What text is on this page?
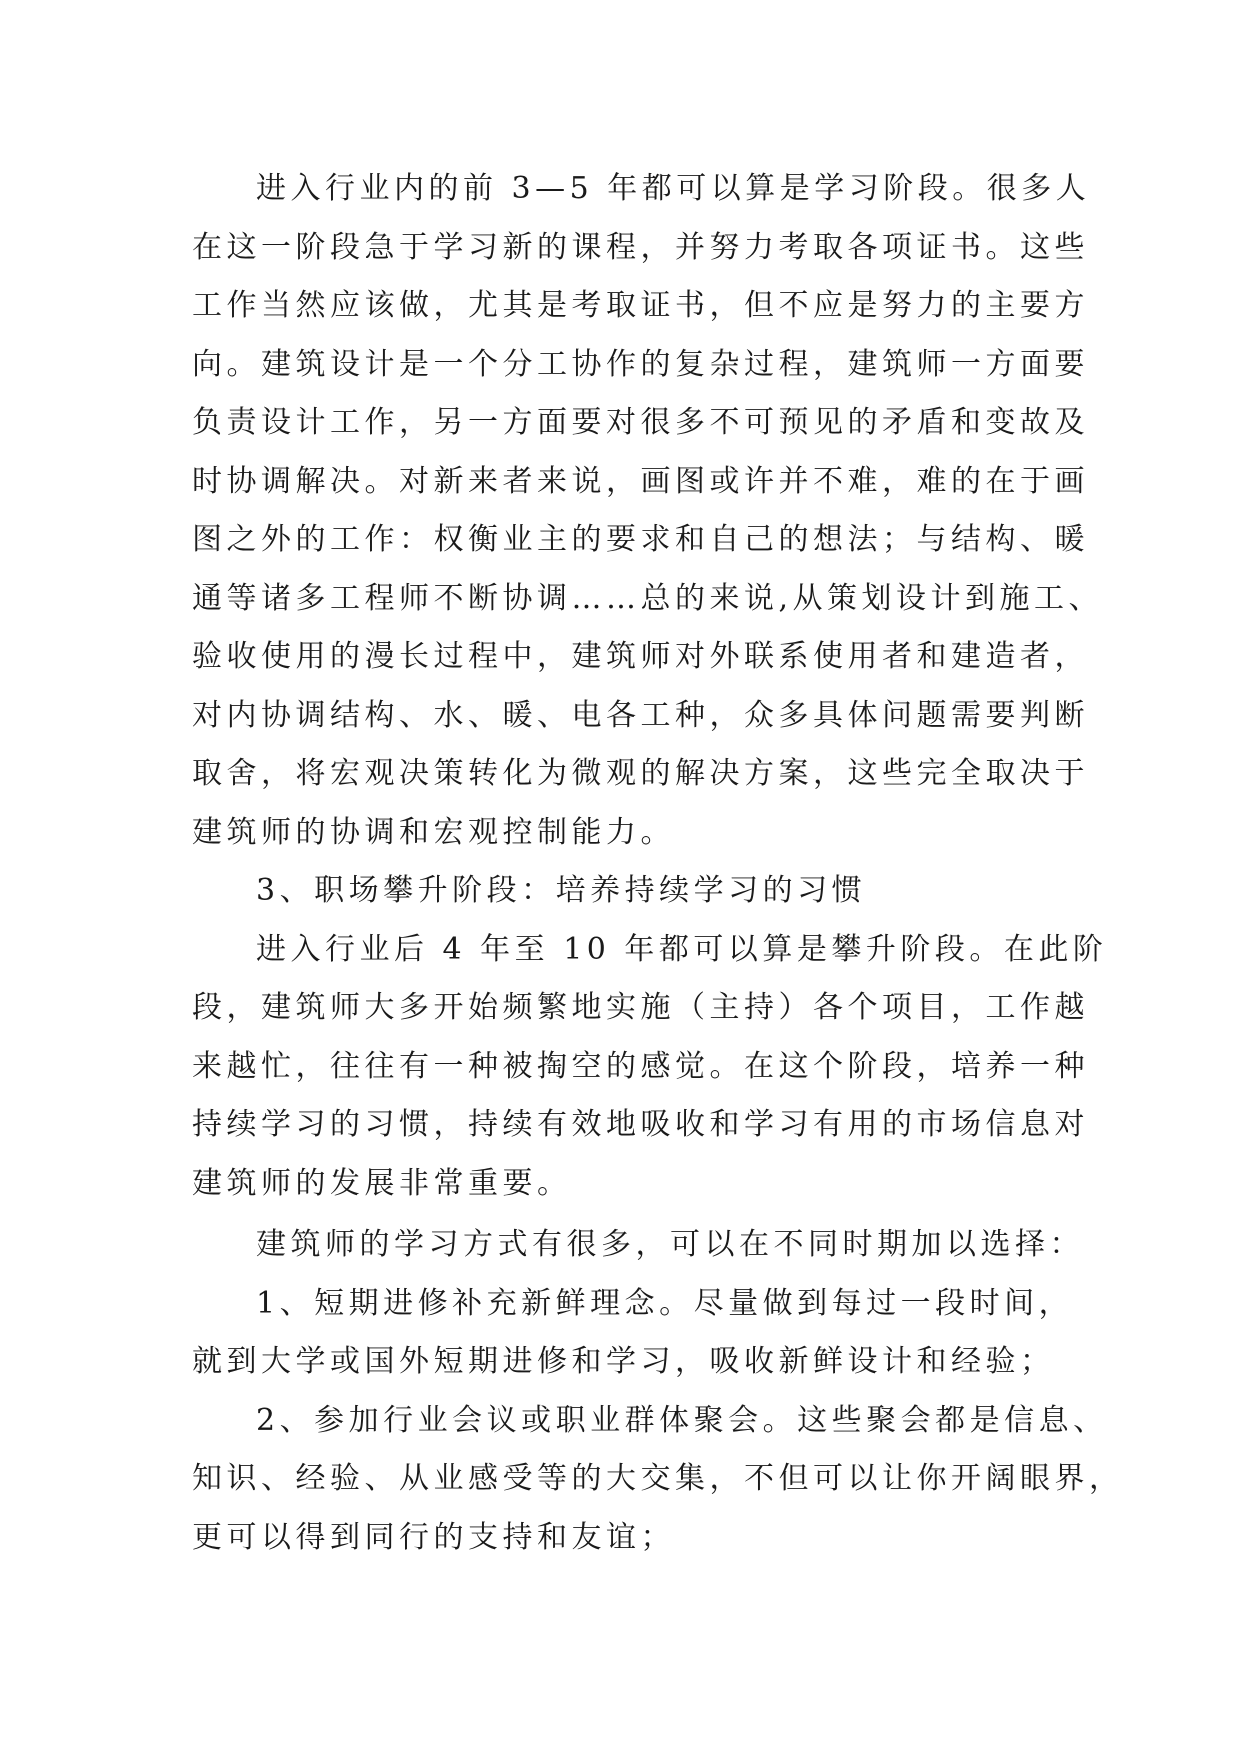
进入行业内的前 3—5 年都可以算是学习阶段。很多人
在这一阶段急于学习新的课程，并努力考取各项证书。这些
工作当然应该做，尤其是考取证书，但不应是努力的主要方
向。建筑设计是一个分工协作的复杂过程，建筑师一方面要
负责设计工作，另一方面要对很多不可预见的矛盾和变故及
时协调解决。对新来者来说，画图或许并不难，难的在于画
图之外的工作：权衡业主的要求和自己的想法；与结构、暖
通等诸多工程师不断协调……总的来说,从策划设计到施工、
验收使用的漫长过程中，建筑师对外联系使用者和建造者，
对内协调结构、水、暖、电各工种，众多具体问题需要判断
取舍，将宏观决策转化为微观的解决方案，这些完全取决于
建筑师的协调和宏观控制能力。
3、职场攀升阶段：培养持续学习的习惯
进入行业后 4 年至 10 年都可以算是攀升阶段。在此阶
段，建筑师大多开始频繁地实施（主持）各个项目，工作越
来越忙，往往有一种被掏空的感觉。在这个阶段，培养一种
持续学习的习惯，持续有效地吸收和学习有用的市场信息对
建筑师的发展非常重要。
建筑师的学习方式有很多，可以在不同时期加以选择：
1、短期进修补充新鲜理念。尽量做到每过一段时间，
就到大学或国外短期进修和学习，吸收新鲜设计和经验；
2、参加行业会议或职业群体聚会。这些聚会都是信息、
知识、经验、从业感受等的大交集，不但可以让你开阔眼界，
更可以得到同行的支持和友谊；
